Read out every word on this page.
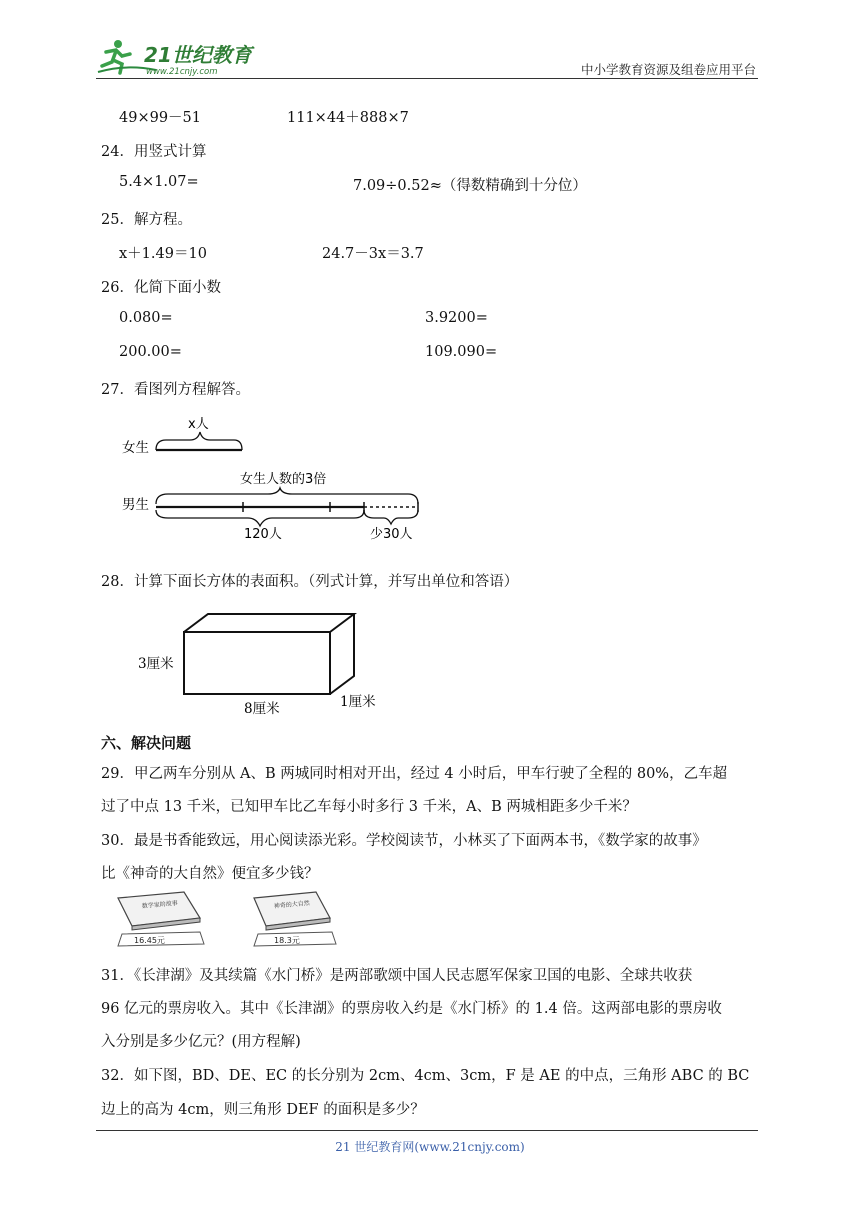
21世纪教育
www.21cnjy.com	中小学教育资源及组卷应用平台
49×99－51	111×44＋888×7
24．用竖式计算
5.4×1.07=	7.09÷0.52≈（得数精确到十分位）
25．解方程。
x＋1.49＝10	24.7－3x＝3.7
26．化简下面小数
0.080=	3.9200=
200.00=	109.090=
27．看图列方程解答。
女生
男生
x人
女生人数的3倍
120人	少30人
28．计算下面长方体的表面积。（列式计算，并写出单位和答语）
3厘米
8厘米	1厘米
六、解决问题
29．甲乙两车分别从 A、B 两城同时相对开出，经过 4 小时后，甲车行驶了全程的 80%，乙车超
过了中点 13 千米，已知甲车比乙车每小时多行 3 千米，A、B 两城相距多少千米？
30．最是书香能致远，用心阅读添光彩。学校阅读节，小林买了下面两本书，《数学家的故事》
比《神奇的大自然》便宜多少钱？
数学家的故事
16.45元
神奇的大自然
18.3元
31．《长津湖》及其续篇《水门桥》是两部歌颂中国人民志愿军保家卫国的电影、全球共收获
96 亿元的票房收入。其中《长津湖》的票房收入约是《水门桥》的 1.4 倍。这两部电影的票房收
入分别是多少亿元？(用方程解)
32．如下图，BD、DE、EC 的长分别为 2cm、4cm、3cm，F 是 AE 的中点，三角形 ABC 的 BC
边上的高为 4cm，则三角形 DEF 的面积是多少？
21 世纪教育网(www.21cnjy.com)
